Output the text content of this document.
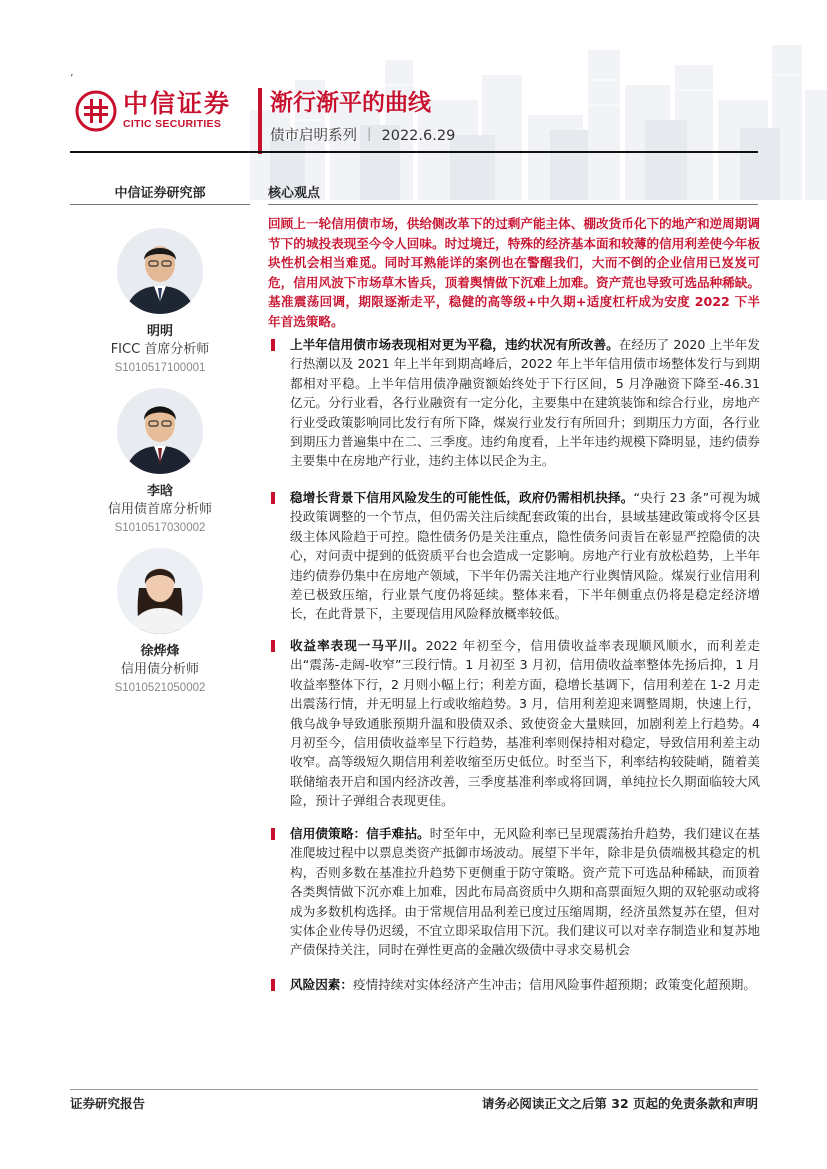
’
中信证券
CITIC SECURITIES
渐行渐平的曲线
债市启明系列 丨 2022.6.29
中信证券研究部
明明
FICC 首席分析师
S1010517100001
李晗
信用债首席分析师
S1010517030002
徐烨烽
信用债分析师
S1010521050002
核心观点
回顾上一轮信用债市场，供给侧改革下的过剩产能主体、棚改货币化下的地产和逆周期调节下的城投表现至今令人回味。时过境迁，特殊的经济基本面和较薄的信用利差使今年板块性机会相当难觅。同时耳熟能详的案例也在警醒我们，大而不倒的企业信用已岌岌可危，信用风波下市场草木皆兵，顶着舆情做下沉难上加难。资产荒也导致可选品种稀缺。基准震荡回调，期限逐渐走平，稳健的高等级+中久期+适度杠杆成为安度 2022 下半年首选策略。
上半年信用债市场表现相对更为平稳，违约状况有所改善。在经历了 2020 上半年发行热潮以及 2021 年上半年到期高峰后，2022 年上半年信用债市场整体发行与到期都相对平稳。上半年信用债净融资额始终处于下行区间，5 月净融资下降至-46.31 亿元。分行业看，各行业融资有一定分化，主要集中在建筑装饰和综合行业，房地产行业受政策影响同比发行有所下降，煤炭行业发行有所回升；到期压力方面，各行业到期压力普遍集中在二、三季度。违约角度看，上半年违约规模下降明显，违约债券主要集中在房地产行业，违约主体以民企为主。
稳增长背景下信用风险发生的可能性低，政府仍需相机抉择。“央行 23 条”可视为城投政策调整的一个节点，但仍需关注后续配套政策的出台，县域基建政策或将令区县级主体风险趋于可控。隐性债务仍是关注重点，隐性债务问责旨在彰显严控隐债的决心，对问责中提到的低资质平台也会造成一定影响。房地产行业有放松趋势，上半年违约债券仍集中在房地产领域，下半年仍需关注地产行业舆情风险。煤炭行业信用利差已极致压缩，行业景气度仍将延续。整体来看，下半年侧重点仍将是稳定经济增长，在此背景下，主要现信用风险释放概率较低。
收益率表现一马平川。2022 年初至今，信用债收益率表现顺风顺水，而利差走出“震荡-走阔-收窄”三段行情。1 月初至 3 月初，信用债收益率整体先扬后抑，1 月收益率整体下行，2 月则小幅上行；利差方面，稳增长基调下，信用利差在 1-2 月走出震荡行情，并无明显上行或收缩趋势。3 月，信用利差迎来调整周期，快速上行，俄乌战争导致通胀预期升温和股债双杀、致使资金大量赎回，加剧利差上行趋势。4 月初至今，信用债收益率呈下行趋势，基准利率则保持相对稳定，导致信用利差主动收窄。高等级短久期信用利差收缩至历史低位。时至当下，利率结构较陡峭，随着美联储缩表开启和国内经济改善，三季度基准利率或将回调，单纯拉长久期面临较大风险，预计子弹组合表现更佳。
信用债策略：信手难拈。时至年中，无风险利率已呈现震荡抬升趋势，我们建议在基准爬坡过程中以票息类资产抵御市场波动。展望下半年，除非是负债端极其稳定的机构，否则多数在基准拉升趋势下更侧重于防守策略。资产荒下可选品种稀缺，而顶着各类舆情做下沉亦难上加难，因此布局高资质中久期和高票面短久期的双轮驱动或将成为多数机构选择。由于常规信用品利差已度过压缩周期，经济虽然复苏在望，但对实体企业传导仍迟缓，不宜立即采取信用下沉。我们建议可以对幸存制造业和复苏地产债保持关注，同时在弹性更高的金融次级债中寻求交易机会
风险因素：疫情持续对实体经济产生冲击；信用风险事件超预期；政策变化超预期。
证券研究报告	请务必阅读正文之后第 32 页起的免责条款和声明
